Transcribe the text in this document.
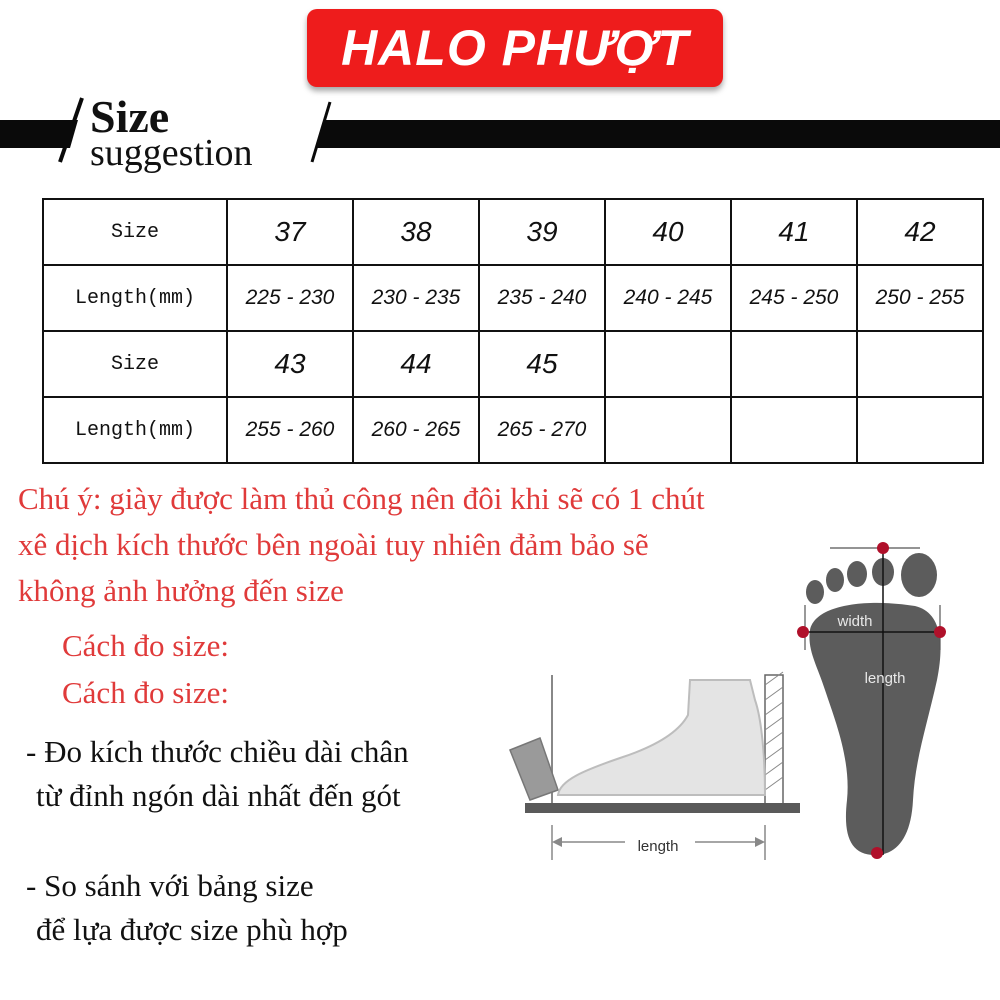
HALO PHƯỢT
Size
suggestion
Size	37	38	39	40	41	42
Length(mm)	225 - 230	230 - 235	235 - 240	240 - 245	245 - 250	250 - 255
Size	43	44	45			
Length(mm)	255 - 260	260 - 265	265 - 270			
Chú ý: giày được làm thủ công nên đôi khi sẽ có 1 chút
xê dịch kích thước bên ngoài tuy nhiên đảm bảo sẽ
không ảnh hưởng đến size
Cách đo size:
Cách đo size:
- Đo kích thước chiều dài chân
từ đỉnh ngón dài nhất đến gót
- So sánh với bảng size
để lựa được size phù hợp
length
width
length
